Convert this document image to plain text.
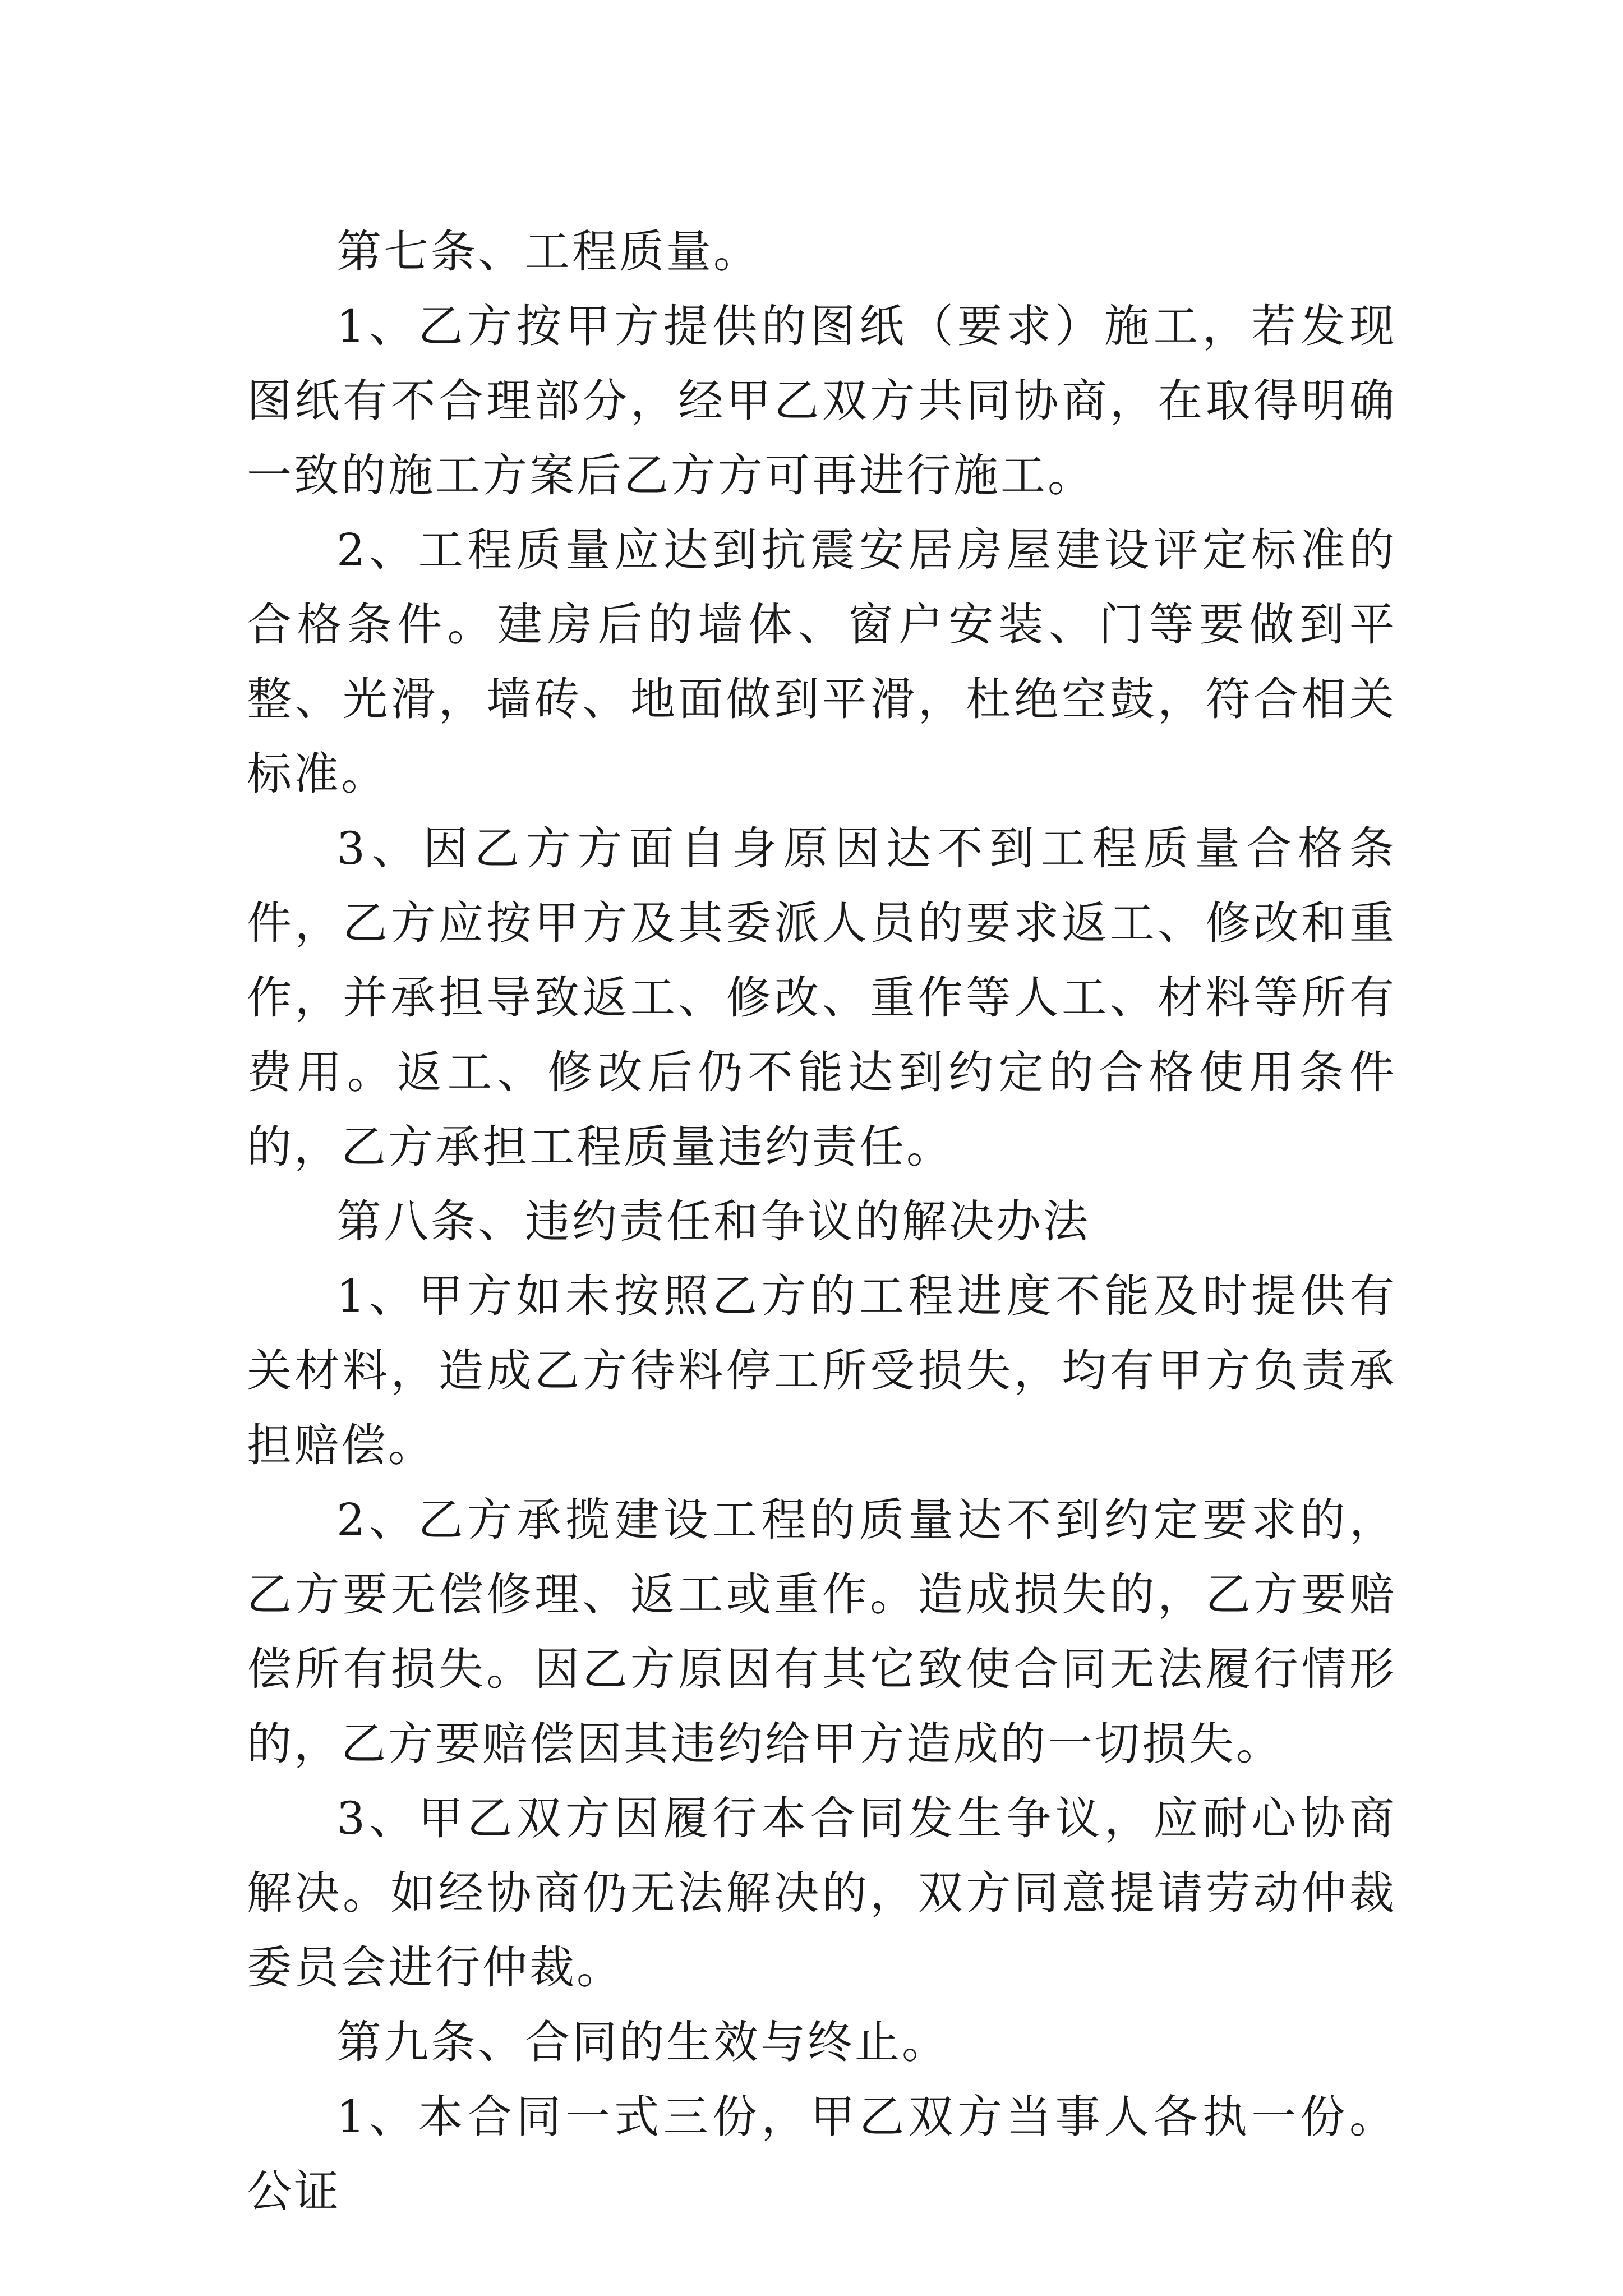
第七条、工程质量。

1、乙方按甲方提供的图纸（要求）施工，若发现图纸有不合理部分，经甲乙双方共同协商，在取得明确一致的施工方案后乙方方可再进行施工。

2、工程质量应达到抗震安居房屋建设评定标准的合格条件。建房后的墙体、窗户安装、门等要做到平整、光滑，墙砖、地面做到平滑，杜绝空鼓，符合相关标准。

3、因乙方方面自身原因达不到工程质量合格条件，乙方应按甲方及其委派人员的要求返工、修改和重作，并承担导致返工、修改、重作等人工、材料等所有费用。返工、修改后仍不能达到约定的合格使用条件的，乙方承担工程质量违约责任。

第八条、违约责任和争议的解决办法

1、甲方如未按照乙方的工程进度不能及时提供有关材料，造成乙方待料停工所受损失，均有甲方负责承担赔偿。

2、乙方承揽建设工程的质量达不到约定要求的，乙方要无偿修理、返工或重作。造成损失的，乙方要赔偿所有损失。因乙方原因有其它致使合同无法履行情形的，乙方要赔偿因其违约给甲方造成的一切损失。

3、甲乙双方因履行本合同发生争议，应耐心协商解决。如经协商仍无法解决的，双方同意提请劳动仲裁委员会进行仲裁。

第九条、合同的生效与终止。

1、本合同一式三份，甲乙双方当事人各执一份。公证
